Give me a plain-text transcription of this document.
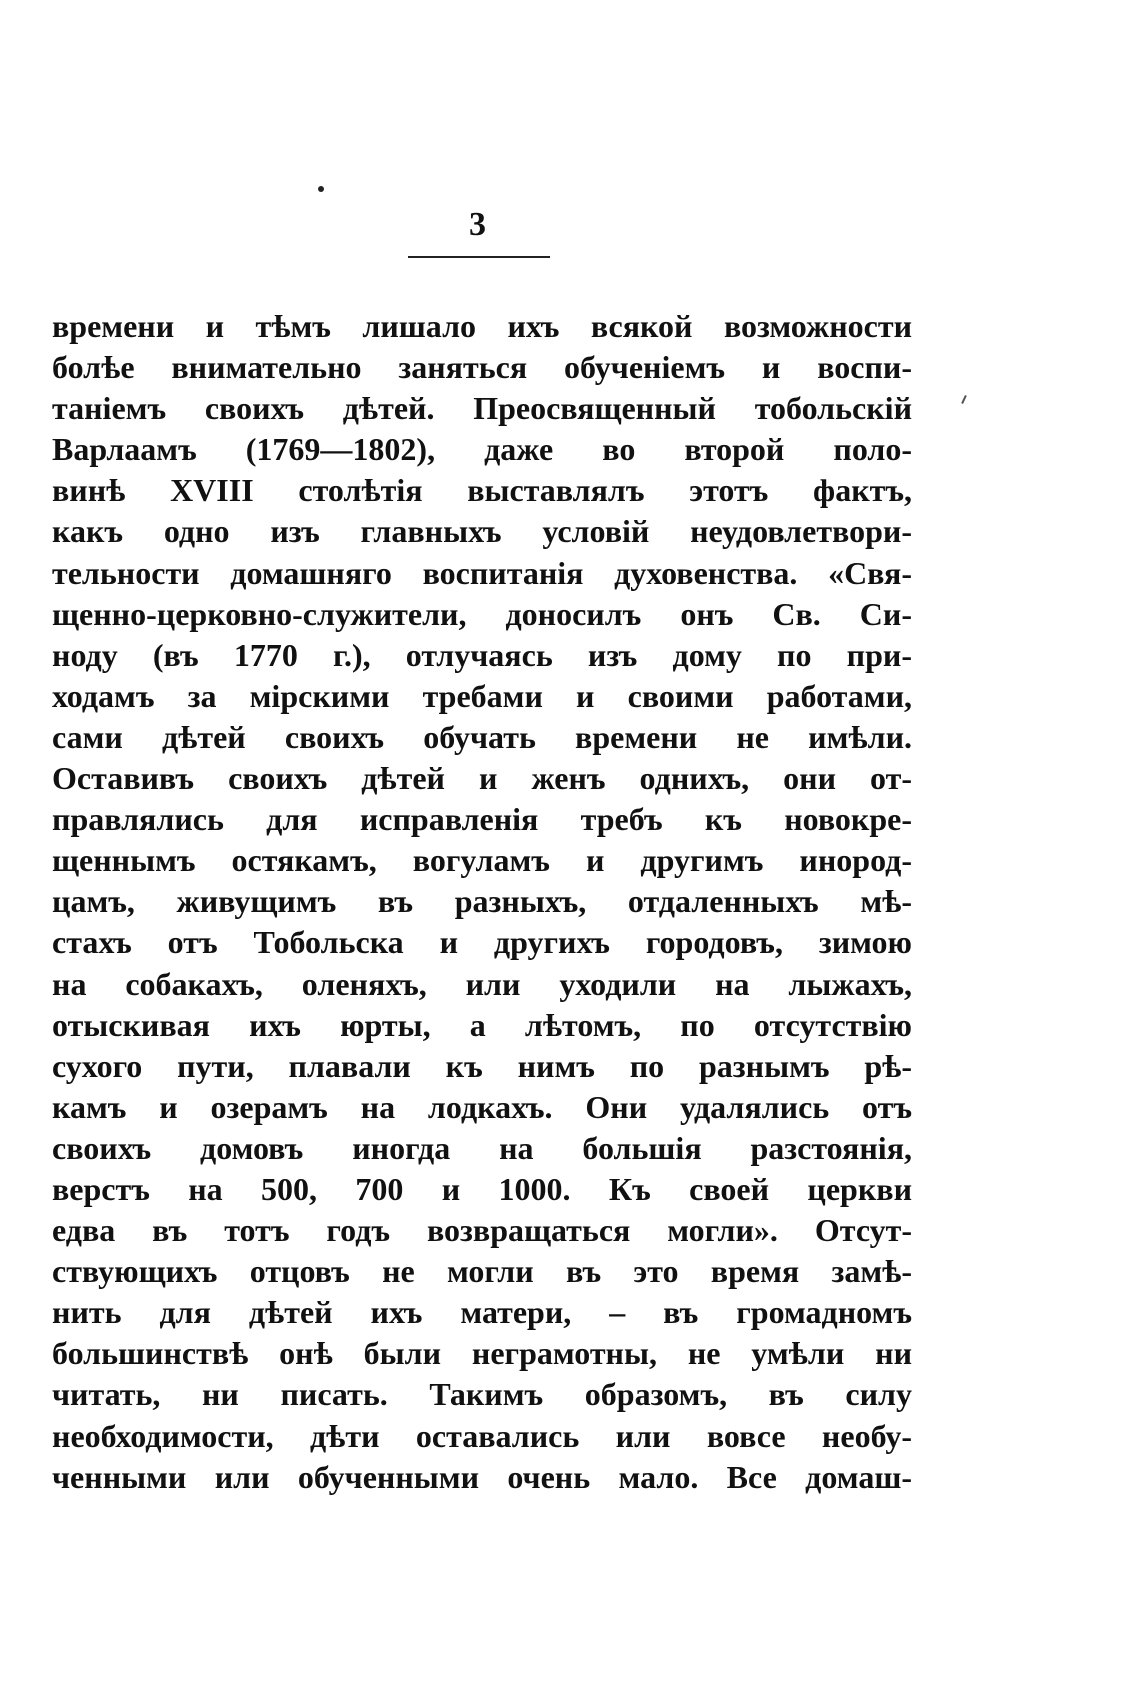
3
времени и тѣмъ лишало ихъ всякой возможности
болѣе внимательно заняться обученіемъ и воспи-
таніемъ своихъ дѣтей. Преосвященный тобольскій
Варлаамъ (1769—1802), даже во второй поло-
винѣ XVIII столѣтія выставлялъ этотъ фактъ,
какъ одно изъ главныхъ условій неудовлетвори-
тельности домашняго воспитанія духовенства. «Свя-
щенно-церковно-служители, доносилъ онъ Св. Си-
ноду (въ 1770 г.), отлучаясь изъ дому по при-
ходамъ за мірскими требами и своими работами,
сами дѣтей своихъ обучать времени не имѣли.
Оставивъ своихъ дѣтей и женъ однихъ, они от-
правлялись для исправленія требъ къ новокре-
щеннымъ остякамъ, вогуламъ и другимъ инород-
цамъ, живущимъ въ разныхъ, отдаленныхъ мѣ-
стахъ отъ Тобольска и другихъ городовъ, зимою
на собакахъ, оленяхъ, или уходили на лыжахъ,
отыскивая ихъ юрты, а лѣтомъ, по отсутствію
сухого пути, плавали къ нимъ по разнымъ рѣ-
камъ и озерамъ на лодкахъ. Они удалялись отъ
своихъ домовъ иногда на большія разстоянія,
верстъ на 500, 700 и 1000. Къ своей церкви
едва въ тотъ годъ возвращаться могли». Отсут-
ствующихъ отцовъ не могли въ это время замѣ-
нить для дѣтей ихъ матери, – въ громадномъ
большинствѣ онѣ были неграмотны, не умѣли ни
читать, ни писать. Такимъ образомъ, въ силу
необходимости, дѣти оставались или вовсе необу-
ченными или обученными очень мало. Все домаш-
